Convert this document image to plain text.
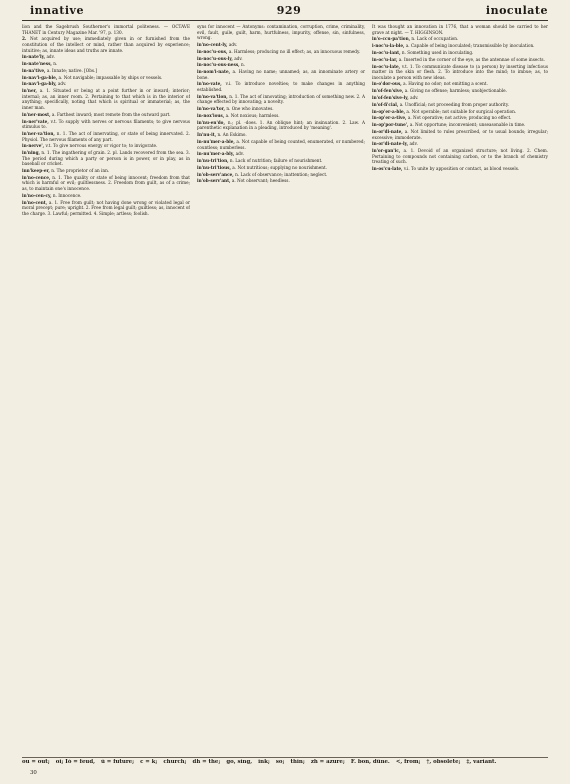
innative	929	inoculate

lion and the Sagebrush Southerner's immortal politeness. — OCTAVE THANET in Century Magazine Mar. '97, p. 130.

2. Not acquired by use; immediately given in or furnished from the constitution of the intellect or mind, rather than acquired by experience; intuitive; as, innate ideas and truths are innate.

in-nate'ly, adv.

in-nate'ness, n.

in-na'tive, a. Innate; native. [Obs.]

in-nav'i-ga-ble, a. Not navigable; impassable by ships or vessels.

in-nav'i-ga-bly, adv.

in'ner, a. 1. Situated or being at a point further in or inward; interior; internal; as, an inner room. 2. Pertaining to that which is in the interior of anything; specifically, noting that which is spiritual or immaterial; as, the inner man.

in'ner-most, a. Farthest inward; most remote from the outward part.

in-ner'vate, v.t. To supply with nerves or nervous filaments; to give nervous stimulus to.

in'ner-va'tion, n. 1. The act of innervating, or state of being innervated. 2. Physiol. The nervous filaments of any part.

in-nerve', v.t. To give nervous energy or vigor to; to invigorate.

in'ning, n. 1. The ingathering of grain. 2. pl. Lands recovered from the sea. 3. The period during which a party or person is in power, or in play, as in baseball or cricket.

inn'keep-er, n. The proprietor of an inn.

in'no-cence, n. 1. The quality or state of being innocent; freedom from that which is harmful or evil; guiltlessness. 2. Freedom from guilt, as of a crime; as, to maintain one's innocence.

in'no-cen-cy, n. Innocence.

in'no-cent, a. 1. Free from guilt; not having done wrong or violated legal or moral precept; pure; upright. 2. Free from legal guilt; guiltless; as, innocent of the charge. 3. Lawful; permitted. 4. Simple; artless; foolish.

syns for innocent — Antonyms: contamination, corruption, crime, criminality, evil, fault, guile, guilt, harm, hurtfulness, impurity, offense, sin, sinfulness, wrong.

in'no-cent-ly, adv.

in-noc'u-ous, a. Harmless; producing no ill effect; as, an innocuous remedy.

in-noc'u-ous-ly, adv.

in-noc'u-ous-ness, n.

in-nom'i-nate, a. Having no name; unnamed; as, an innominate artery or bone.

in'no-vate, v.i. To introduce novelties; to make changes in anything established.

in'no-va'tion, n. 1. The act of innovating; introduction of something new. 2. A change effected by innovating; a novelty.

in'no-va'tor, n. One who innovates.

in-nox'ious, a. Not noxious; harmless.

in'nu-en'do, n.; pl. -does. 1. An oblique hint; an insinuation. 2. Law. A parenthetic explanation in a pleading, introduced by 'meaning'.

In'nu-it, n. An Eskimo.

in-nu'mer-a-ble, a. Not capable of being counted, enumerated, or numbered; countless; numberless.

in-nu'mer-a-bly, adv.

in'nu-tri'tion, n. Lack of nutrition; failure of nourishment.

in'nu-tri'tious, a. Not nutritious; supplying no nourishment.

in'ob-serv'ance, n. Lack of observance; inattention; neglect.

in'ob-serv'ant, a. Not observant; heedless.

It was thought an innovation in 1776, that a woman should be carried to her grave at night. — T. HIGGINSON.

in'o-ccu-pa'tion, n. Lack of occupation.

i-noc'u-la-ble, a. Capable of being inoculated; transmissible by inoculation.

in-oc'u-lant, n. Something used in inoculating.

in-oc'u-lar, a. Inserted in the corner of the eye, as the antennae of some insects.

in-oc'u-late, v.t. 1. To communicate disease to (a person) by inserting infectious matter in the skin or flesh. 2. To introduce into the mind; to imbue; as, to inoculate a person with new ideas.

in-o'dor-ous, a. Having no odor; not emitting a scent.

in'of-fen'sive, a. Giving no offense; harmless; unobjectionable.

in'of-fen'sive-ly, adv.

in'of-fi'cial, a. Unofficial; not proceeding from proper authority.

in-op'er-a-ble, a. Not operable; not suitable for surgical operation.

in-op'er-a-tive, a. Not operative; not active; producing no effect.

in-op'por-tune', a. Not opportune; inconvenient; unseasonable in time.

in-or'di-nate, a. Not limited to rules prescribed, or to usual bounds; irregular; excessive; immoderate.

in-or'di-nate-ly, adv.

in'or-gan'ic, a. 1. Devoid of an organized structure; not living. 2. Chem. Pertaining to compounds not containing carbon, or to the branch of chemistry treating of such.

in-os'cu-late, v.i. To unite by apposition or contact, as blood vessels.

ou = out; oi; Ió = feud, ü = future; c = k; church; dh = the; go, sing, ink; so; thin; zh = azure; F. bon, dûne. <, from; †, obsolete; ‡, variant.
30
